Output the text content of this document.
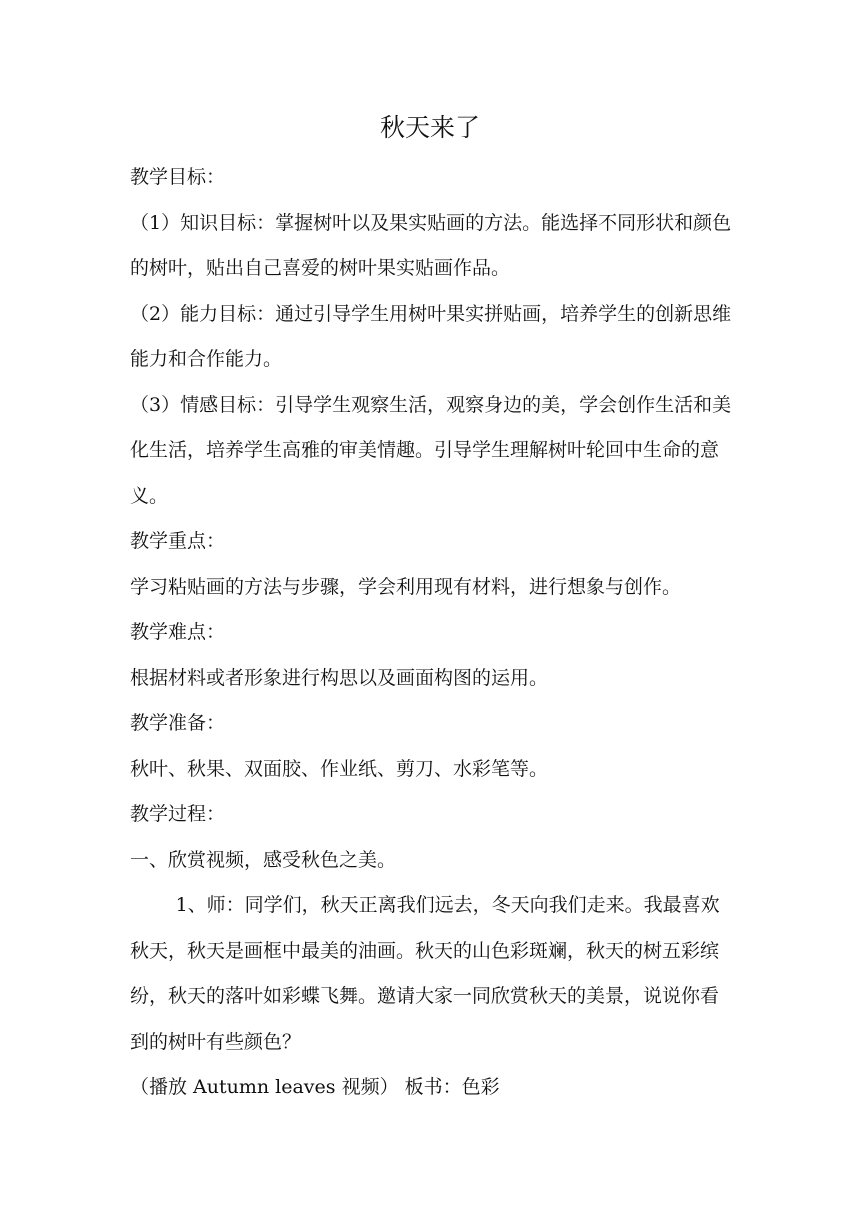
秋天来了

教学目标：

（1）知识目标：掌握树叶以及果实贴画的方法。能选择不同形状和颜色的树叶，贴出自己喜爱的树叶果实贴画作品。

（2）能力目标：通过引导学生用树叶果实拼贴画，培养学生的创新思维能力和合作能力。

（3）情感目标：引导学生观察生活，观察身边的美，学会创作生活和美化生活，培养学生高雅的审美情趣。引导学生理解树叶轮回中生命的意义。

教学重点：

学习粘贴画的方法与步骤，学会利用现有材料，进行想象与创作。

教学难点：

根据材料或者形象进行构思以及画面构图的运用。

教学准备：

秋叶、秋果、双面胶、作业纸、剪刀、水彩笔等。

教学过程：

一、欣赏视频，感受秋色之美。

1、师：同学们，秋天正离我们远去，冬天向我们走来。我最喜欢秋天，秋天是画框中最美的油画。秋天的山色彩斑斓，秋天的树五彩缤纷，秋天的落叶如彩蝶飞舞。邀请大家一同欣赏秋天的美景，说说你看到的树叶有些颜色？

（播放 Autumn leaves 视频） 板书：色彩
